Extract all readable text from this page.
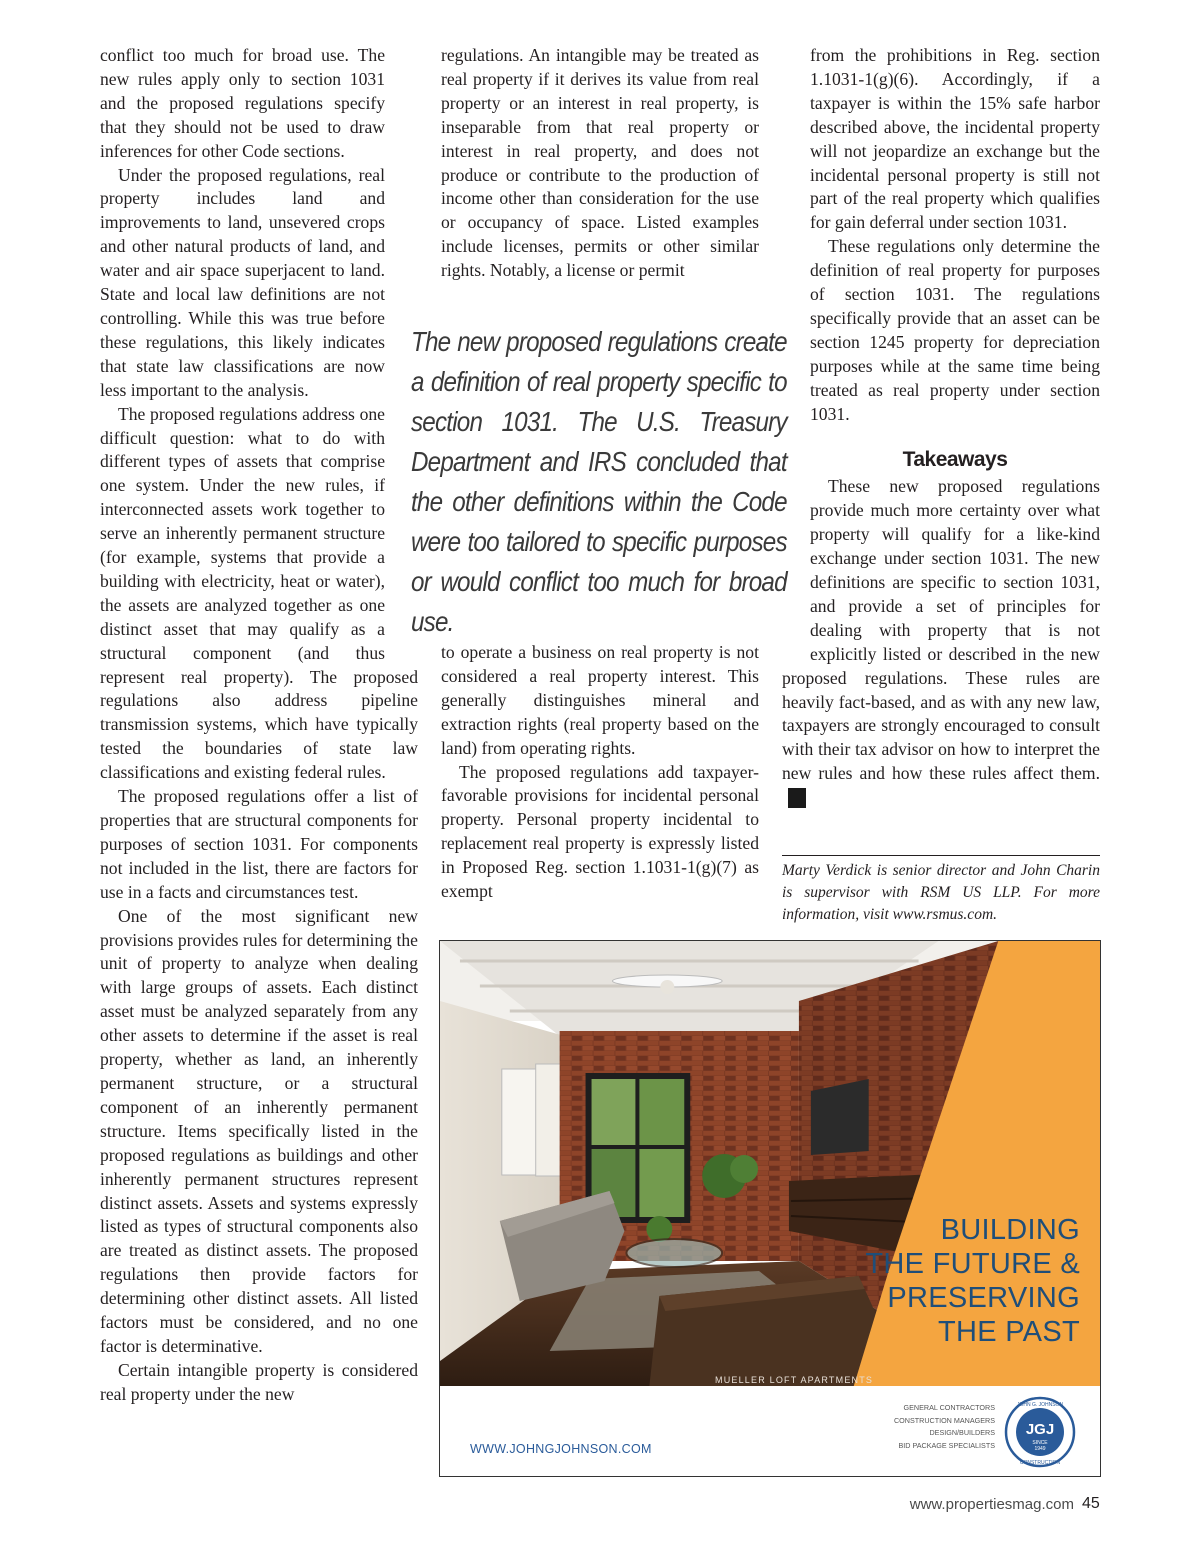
conflict too much for broad use. The new rules apply only to section 1031 and the proposed regulations specify that they should not be used to draw inferences for other Code sections.

Under the proposed regulations, real property includes land and improvements to land, unsevered crops and other natural products of land, and water and air space superjacent to land. State and local law definitions are not controlling. While this was true before these regulations, this likely indicates that state law classifications are now less important to the analysis.

The proposed regulations address one difficult question: what to do with different types of assets that comprise one system. Under the new rules, if interconnected assets work together to serve an inherently permanent structure (for example, systems that provide a building with electricity, heat or water), the assets are analyzed together as one distinct asset that may qualify as a structural component (and thus represent real property). The proposed regulations also address pipeline transmission systems, which have typically tested the boundaries of state law classifications and existing federal rules.

The proposed regulations offer a list of properties that are structural components for purposes of section 1031. For components not included in the list, there are factors for use in a facts and circumstances test.

One of the most significant new provisions provides rules for determining the unit of property to analyze when dealing with large groups of assets. Each distinct asset must be analyzed separately from any other assets to determine if the asset is real property, whether as land, an inherently permanent structure, or a structural component of an inherently permanent structure. Items specifically listed in the proposed regulations as buildings and other inherently permanent structures represent distinct assets. Assets and systems expressly listed as types of structural components also are treated as distinct assets. The proposed regulations then provide factors for determining other distinct assets. All listed factors must be considered, and no one factor is determinative.

Certain intangible property is considered real property under the new

regulations. An intangible may be treated as real property if it derives its value from real property or an interest in real property, is inseparable from that real property or interest in real property, and does not produce or contribute to the production of income other than consideration for the use or occupancy of space. Listed examples include licenses, permits or other similar rights. Notably, a license or permit

The new proposed regulations create a definition of real property specific to section 1031. The U.S. Treasury Department and IRS concluded that the other definitions within the Code were too tailored to specific purposes or would conflict too much for broad use.

to operate a business on real property is not considered a real property interest. This generally distinguishes mineral and extraction rights (real property based on the land) from operating rights.

The proposed regulations add taxpayer-favorable provisions for incidental personal property. Personal property incidental to replacement real property is expressly listed in Proposed Reg. section 1.1031-1(g)(7) as exempt

from the prohibitions in Reg. section 1.1031-1(g)(6). Accordingly, if a taxpayer is within the 15% safe harbor described above, the incidental property will not jeopardize an exchange but the incidental personal property is still not part of the real property which qualifies for gain deferral under section 1031.

These regulations only determine the definition of real property for purposes of section 1031. The regulations specifically provide that an asset can be section 1245 property for depreciation purposes while at the same time being treated as real property under section 1031.

Takeaways

These new proposed regulations provide much more certainty over what property will qualify for a like-kind exchange under section 1031. The new definitions are specific to section 1031, and provide a set of principles for dealing with property that is not explicitly listed or described in the new proposed regulations. These rules are heavily fact-based, and as with any new law, taxpayers are strongly encouraged to consult with their tax advisor on how to interpret the new rules and how these rules affect them.P

Marty Verdick is senior director and John Charin is supervisor with RSM US LLP. For more information, visit www.rsmus.com.
BUILDING
THE FUTURE &
PRESERVING
THE PAST
MUELLER LOFT APARTMENTS
WWW.JOHNGJOHNSON.COM
GENERAL CONTRACTORS
CONSTRUCTION MANAGERS
DESIGN/BUILDERS
BID PACKAGE SPECIALISTS
JGJ
SINCE
1949
JOHN G. JOHNSON
CONSTRUCTION
www.propertiesmag.com 45
